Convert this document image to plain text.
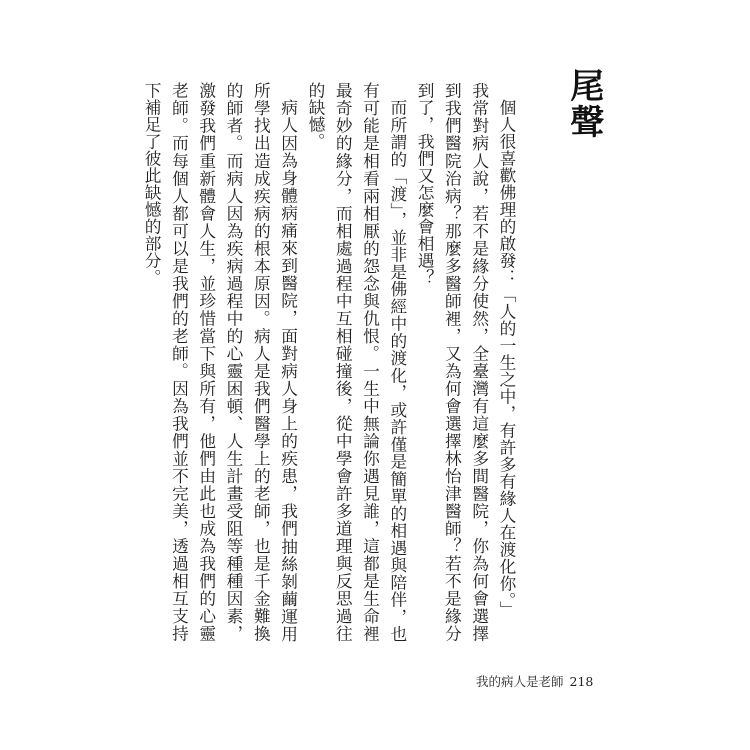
尾聲

個人很喜歡佛理的啟發：「人的一生之中，有許多有緣人在渡化你。」

我常對病人說，若不是緣分使然，全臺灣有這麼多間醫院，你為何會選擇到我們醫院治病？那麼多醫師裡，又為何會選擇林怡津醫師？若不是緣分到了，我們又怎麼會相遇？

而所謂的「渡」，並非是佛經中的渡化，或許僅是簡單的相遇與陪伴，也有可能是相看兩相厭的怨念與仇恨。一生中無論你遇見誰，這都是生命裡最奇妙的緣分，而相處過程中互相碰撞後，從中學會許多道理與反思過往的缺憾。

病人因為身體病痛來到醫院，面對病人身上的疾患，我們抽絲剝繭運用所學找出造成疾病的根本原因。病人是我們醫學上的老師，也是千金難換的師者。而病人因為疾病過程中的心靈困頓、人生計畫受阻等種種因素，激發我們重新體會人生，並珍惜當下與所有，他們由此也成為我們的心靈老師。而每個人都可以是我們的老師。因為我們並不完美，透過相互支持下補足了彼此缺憾的部分。

我的病人是老師 218
